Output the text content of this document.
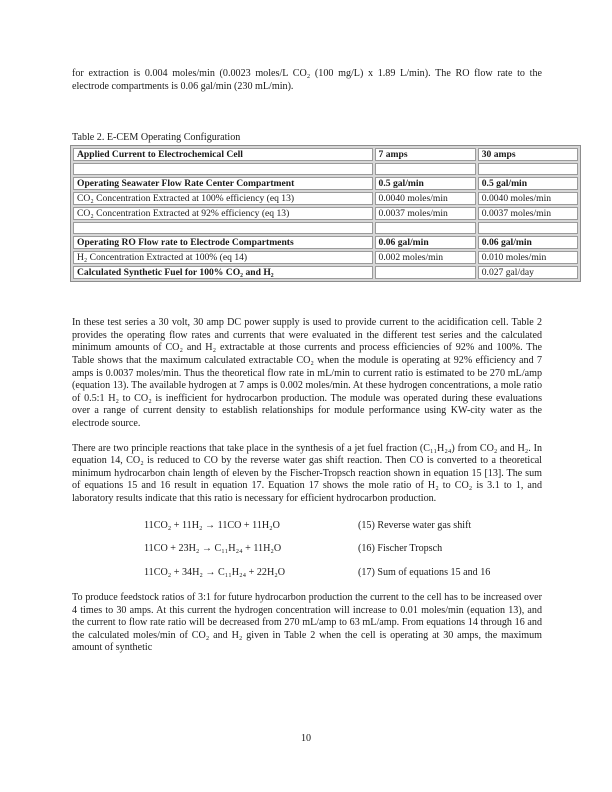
for extraction is 0.004 moles/min (0.0023 moles/L CO₂ (100 mg/L) x 1.89 L/min). The RO flow rate to the electrode compartments is 0.06 gal/min (230 mL/min).

Table 2. E-CEM Operating Configuration
Applied Current to Electrochemical Cell	7 amps	30 amps

Operating Seawater Flow Rate Center Compartment	0.5 gal/min	0.5 gal/min
CO₂ Concentration Extracted at 100% efficiency (eq 13)	0.0040 moles/min	0.0040 moles/min
CO₂ Concentration Extracted at 92% efficiency (eq 13)	0.0037 moles/min	0.0037 moles/min

Operating RO Flow rate to Electrode Compartments	0.06 gal/min	0.06 gal/min
H₂ Concentration Extracted at 100% (eq 14)	0.002 moles/min	0.010 moles/min
Calculated Synthetic Fuel for 100% CO₂ and H₂		0.027 gal/day

In these test series a 30 volt, 30 amp DC power supply is used to provide current to the acidification cell. Table 2 provides the operating flow rates and currents that were evaluated in the different test series and the calculated minimum amounts of CO₂ and H₂ extractable at those currents and process efficiencies of 92% and 100%. The Table shows that the maximum calculated extractable CO₂ when the module is operating at 92% efficiency and 7 amps is 0.0037 moles/min. Thus the theoretical flow rate in mL/min to current ratio is estimated to be 270 mL/amp (equation 13). The available hydrogen at 7 amps is 0.002 moles/min. At these hydrogen concentrations, a mole ratio of 0.5:1 H₂ to CO₂ is inefficient for hydrocarbon production. The module was operated during these evaluations over a range of current density to establish relationships for module performance using KW-city water as the electrode source.

There are two principle reactions that take place in the synthesis of a jet fuel fraction (C₁₁H₂₄) from CO₂ and H₂. In equation 14, CO₂ is reduced to CO by the reverse water gas shift reaction. Then CO is converted to a theoretical minimum hydrocarbon chain length of eleven by the Fischer-Tropsch reaction shown in equation 15 [13]. The sum of equations 15 and 16 result in equation 17. Equation 17 shows the mole ratio of H₂ to CO₂ is 3.1 to 1, and laboratory results indicate that this ratio is necessary for efficient hydrocarbon production.

11CO₂ + 11H₂ → 11CO + 11H₂O	(15) Reverse water gas shift
11CO + 23H₂ → C₁₁H₂₄ + 11H₂O	(16) Fischer Tropsch
11CO₂ + 34H₂ → C₁₁H₂₄ + 22H₂O	(17) Sum of equations 15 and 16

To produce feedstock ratios of 3:1 for future hydrocarbon production the current to the cell has to be increased over 4 times to 30 amps. At this current the hydrogen concentration will increase to 0.01 moles/min (equation 13), and the current to flow rate ratio will be decreased from 270 mL/amp to 63 mL/amp. From equations 14 through 16 and the calculated moles/min of CO₂ and H₂ given in Table 2 when the cell is operating at 30 amps, the maximum amount of synthetic

10
